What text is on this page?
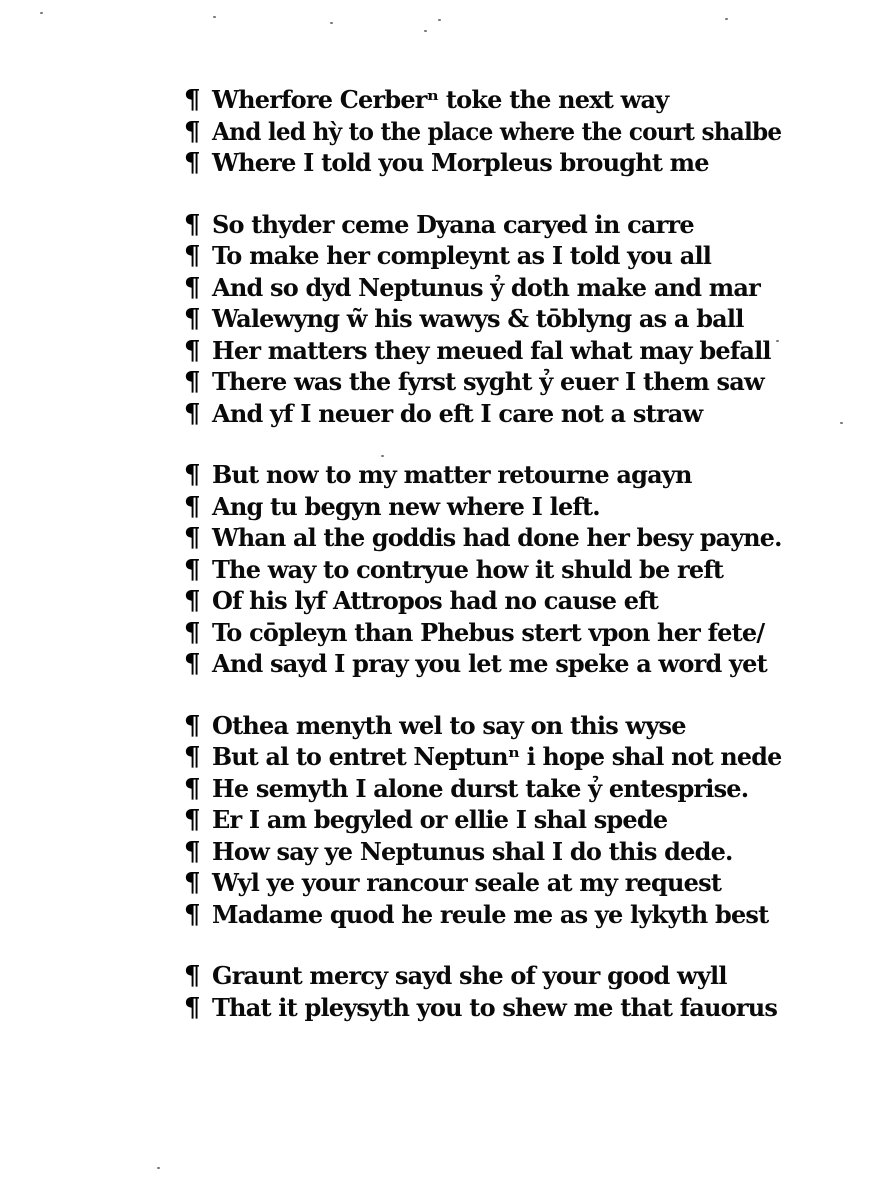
¶ Wherfore Cerberⁿ toke the next way
¶ And led hỳ to the place where the court shalbe
¶ Where I told you Morpleus brought me
¶ So thyder ceme Dyana caryed in carre
¶ To make her compleynt as I told you all
¶ And so dyd Neptunus ỷ doth make and mar
¶ Walewyng w̃ his wawys & tōblyng as a ball
¶ Her matters they meued fal what may befall
¶ There was the fyrst syght ỷ euer I them saw
¶ And yf I neuer do eft I care not a straw
¶ But now to my matter retourne agayn
¶ Ang tu begyn new where I left.
¶ Whan al the goddis had done her besy payne.
¶ The way to contryue how it shuld be reft
¶ Of his lyf Attropos had no cause eft
¶ To cōpleyn than Phebus stert vpon her fete/
¶ And sayd I pray you let me speke a word yet
¶ Othea menyth wel to say on this wyse
¶ But al to entret Neptunⁿ i hope shal not nede
¶ He semyth I alone durst take ỷ entesprise.
¶ Er I am begyled or ellie I shal spede
¶ How say ye Neptunus shal I do this dede.
¶ Wyl ye your rancour seale at my request
¶ Madame quod he reule me as ye lykyth best
¶ Graunt mercy sayd she of your good wyll
¶ That it pleysyth you to shew me that fauorus
